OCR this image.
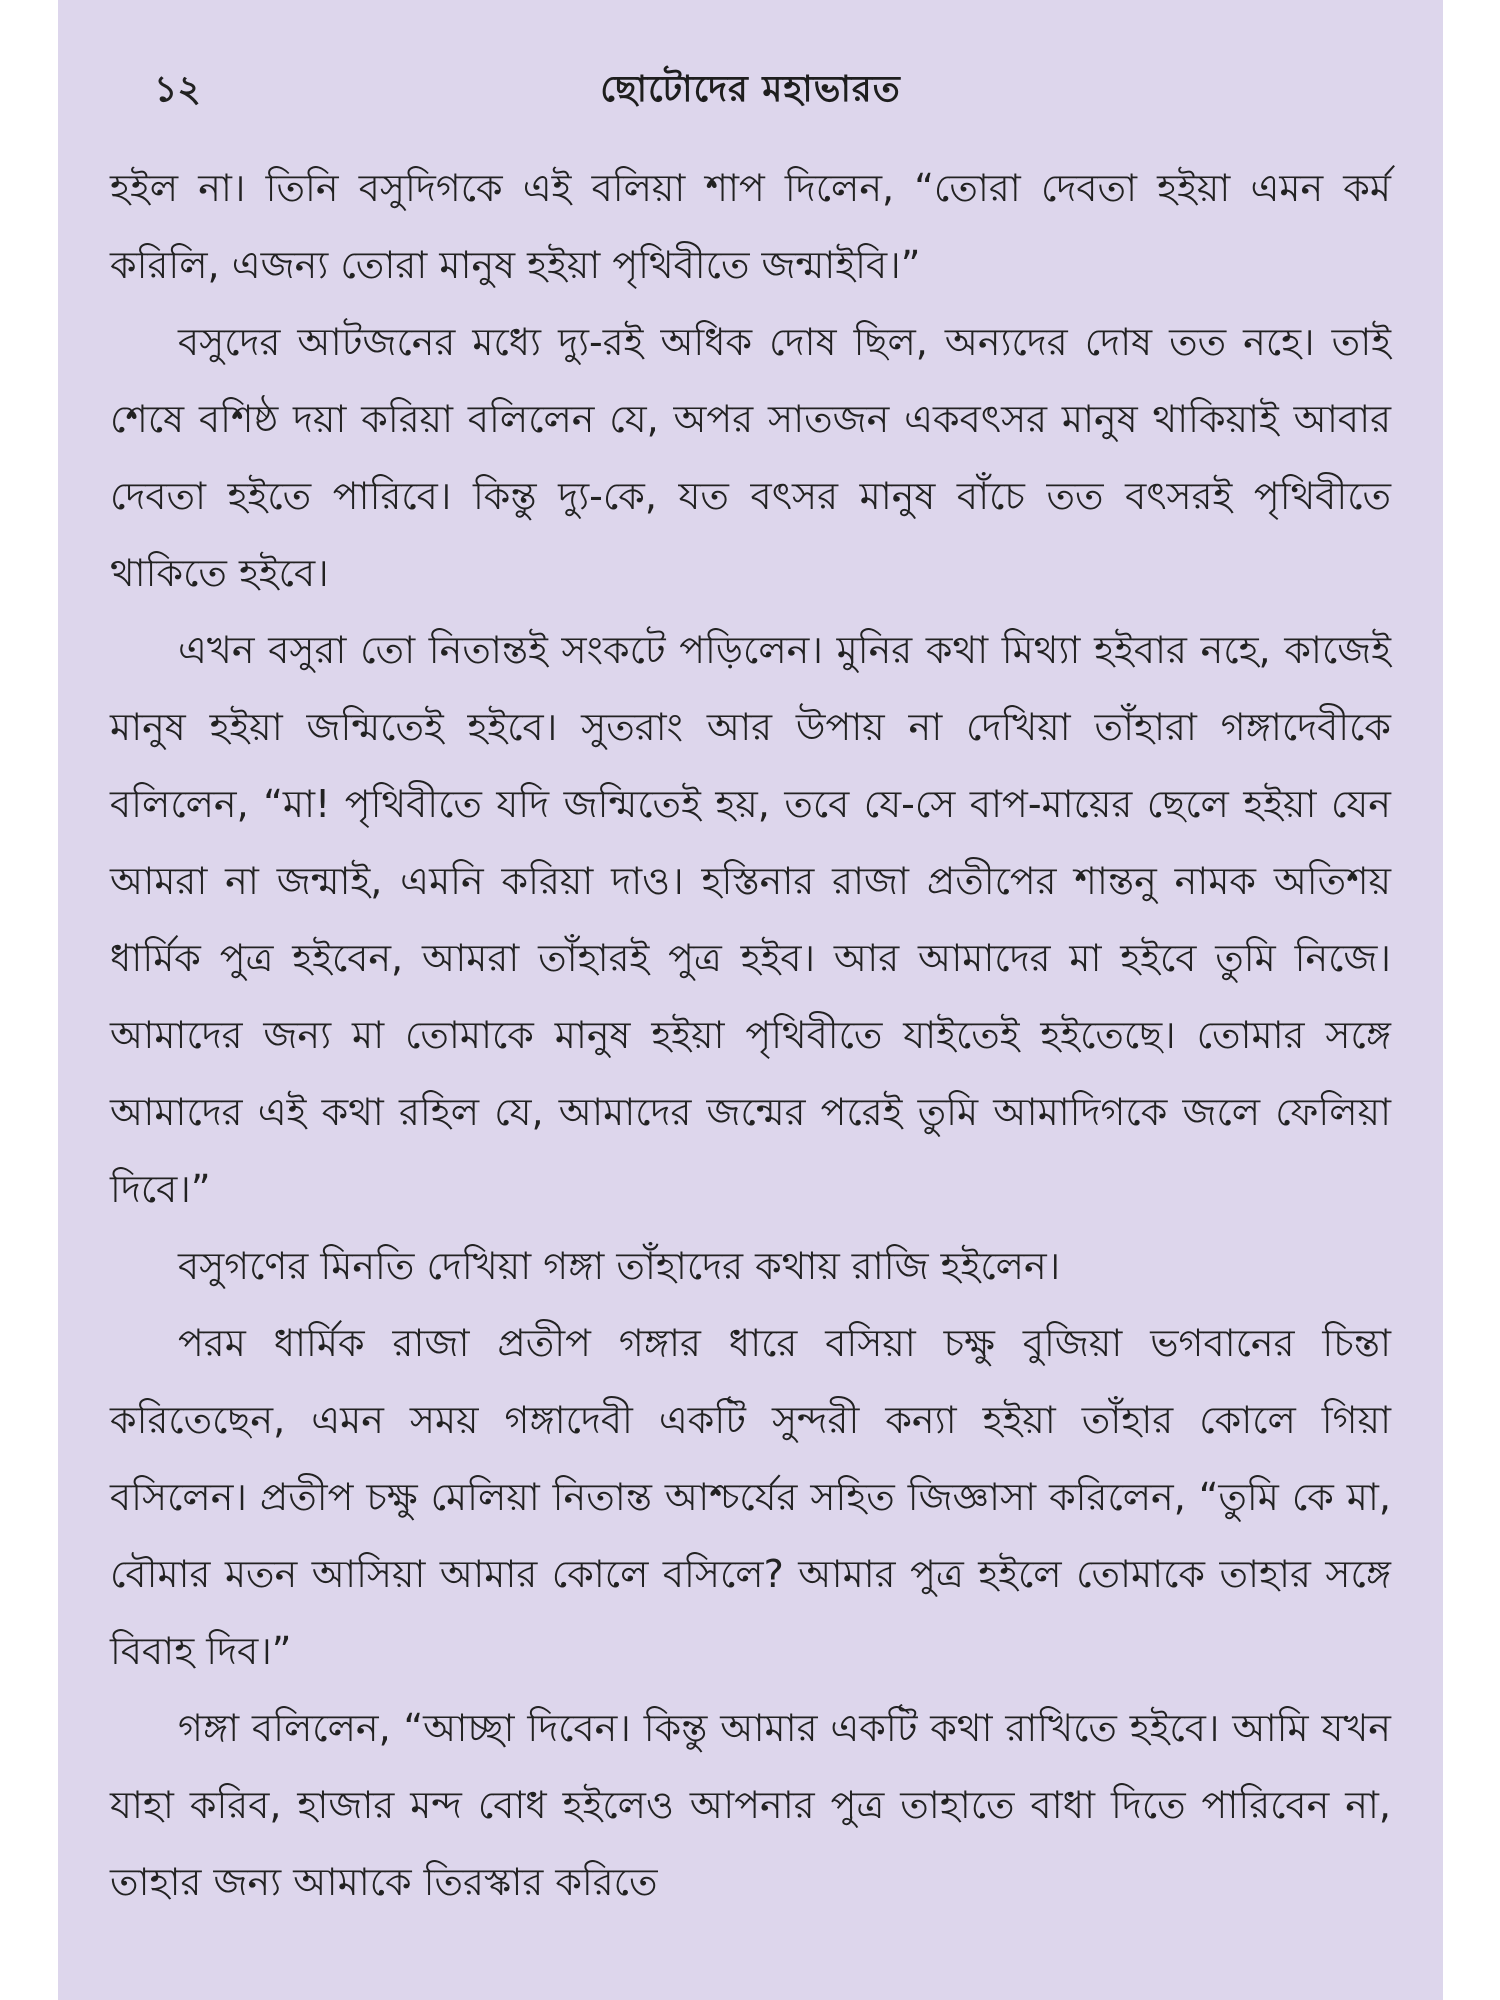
১২	ছোটোদের মহাভারত

হইল না। তিনি বসুদিগকে এই বলিয়া শাপ দিলেন, “তোরা দেবতা হইয়া এমন কর্ম করিলি, এজন্য তোরা মানুষ হইয়া পৃথিবীতে জন্মাইবি।”

বসুদের আটজনের মধ্যে দ্যু-রই অধিক দোষ ছিল, অন্যদের দোষ তত নহে। তাই শেষে বশিষ্ঠ দয়া করিয়া বলিলেন যে, অপর সাতজন একবৎসর মানুষ থাকিয়াই আবার দেবতা হইতে পারিবে। কিন্তু দ্যু-কে, যত বৎসর মানুষ বাঁচে তত বৎসরই পৃথিবীতে থাকিতে হইবে।

এখন বসুরা তো নিতান্তই সংকটে পড়িলেন। মুনির কথা মিথ্যা হইবার নহে, কাজেই মানুষ হইয়া জন্মিতেই হইবে। সুতরাং আর উপায় না দেখিয়া তাঁহারা গঙ্গাদেবীকে বলিলেন, “মা! পৃথিবীতে যদি জন্মিতেই হয়, তবে যে-সে বাপ-মায়ের ছেলে হইয়া যেন আমরা না জন্মাই, এমনি করিয়া দাও। হস্তিনার রাজা প্রতীপের শান্তনু নামক অতিশয় ধার্মিক পুত্র হইবেন, আমরা তাঁহারই পুত্র হইব। আর আমাদের মা হইবে তুমি নিজে। আমাদের জন্য মা তোমাকে মানুষ হইয়া পৃথিবীতে যাইতেই হইতেছে। তোমার সঙ্গে আমাদের এই কথা রহিল যে, আমাদের জন্মের পরেই তুমি আমাদিগকে জলে ফেলিয়া দিবে।”

বসুগণের মিনতি দেখিয়া গঙ্গা তাঁহাদের কথায় রাজি হইলেন।

পরম ধার্মিক রাজা প্রতীপ গঙ্গার ধারে বসিয়া চক্ষু বুজিয়া ভগবানের চিন্তা করিতেছেন, এমন সময় গঙ্গাদেবী একটি সুন্দরী কন্যা হইয়া তাঁহার কোলে গিয়া বসিলেন। প্রতীপ চক্ষু মেলিয়া নিতান্ত আশ্চর্যের সহিত জিজ্ঞাসা করিলেন, “তুমি কে মা, বৌমার মতন আসিয়া আমার কোলে বসিলে? আমার পুত্র হইলে তোমাকে তাহার সঙ্গে বিবাহ দিব।”

গঙ্গা বলিলেন, “আচ্ছা দিবেন। কিন্তু আমার একটি কথা রাখিতে হইবে। আমি যখন যাহা করিব, হাজার মন্দ বোধ হইলেও আপনার পুত্র তাহাতে বাধা দিতে পারিবেন না, তাহার জন্য আমাকে তিরস্কার করিতে
